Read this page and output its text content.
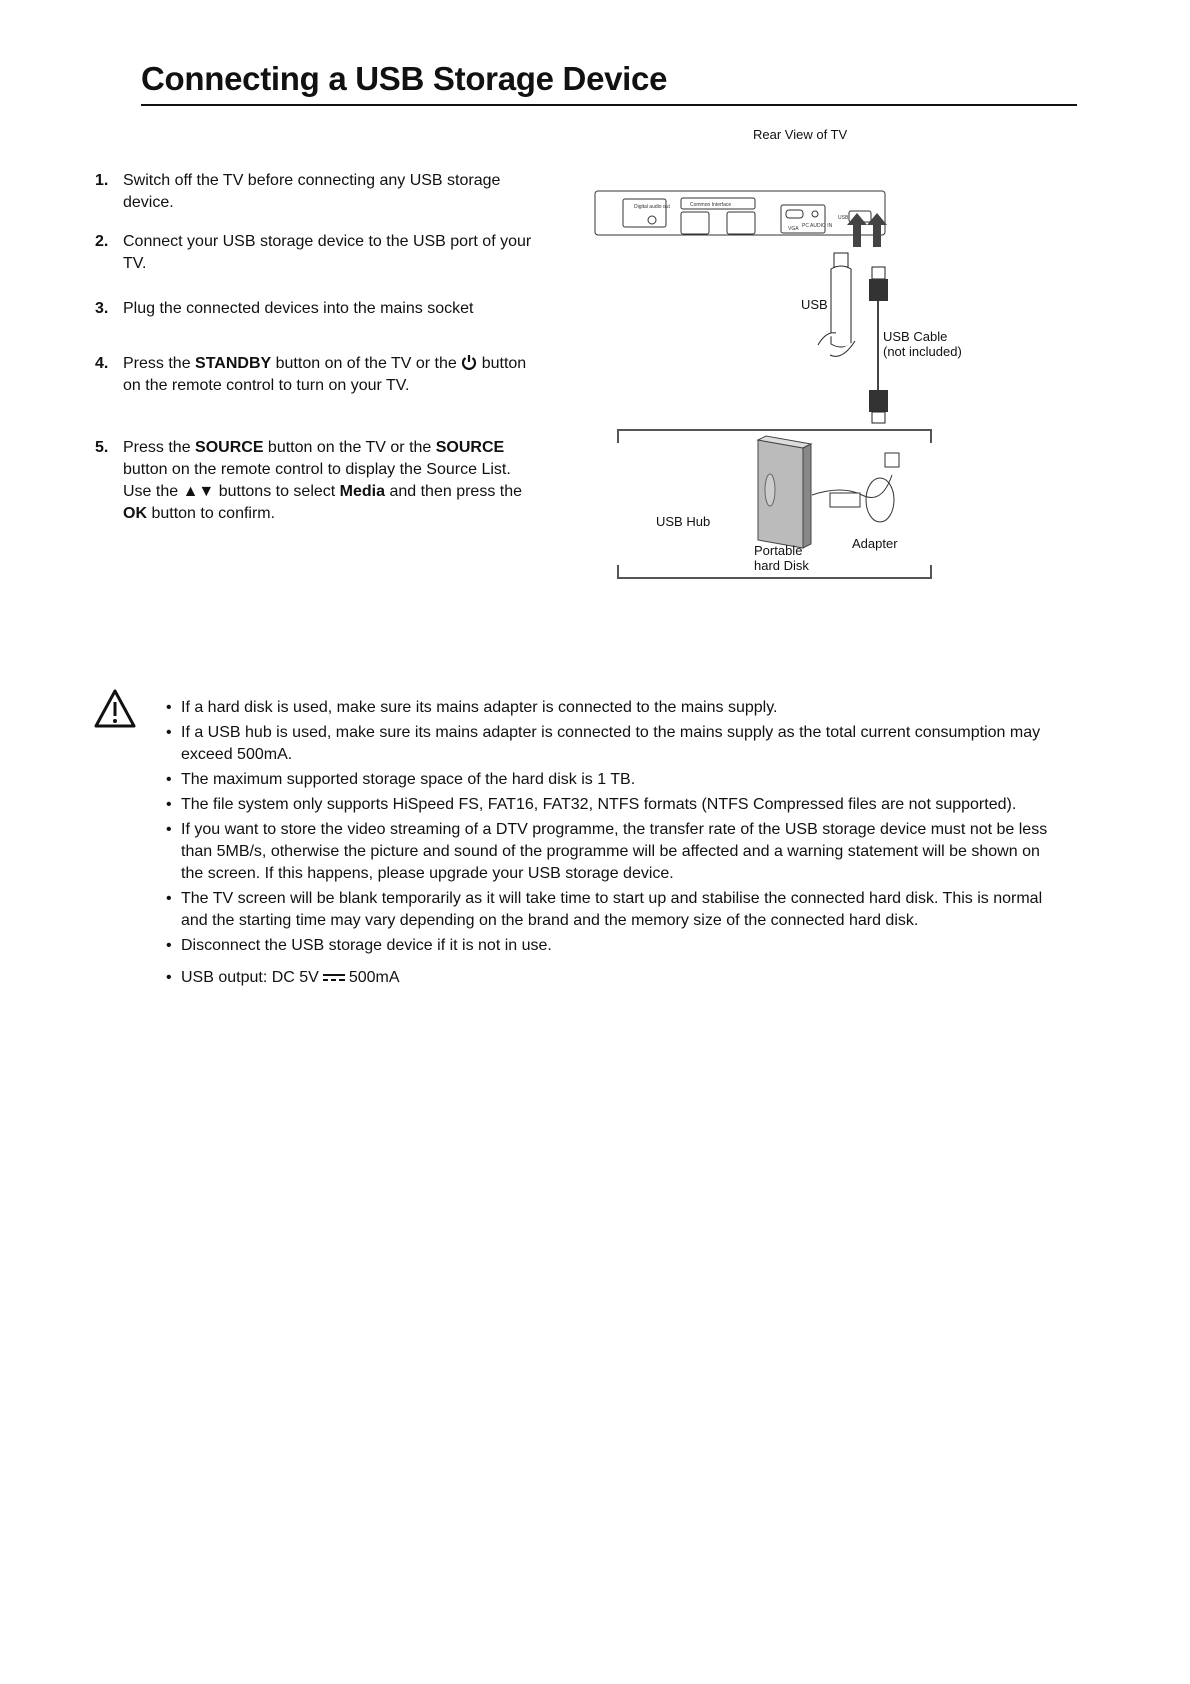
Connecting a USB Storage Device
1. Switch off the TV before connecting any USB storage device.
2. Connect your USB storage device to the USB port of your TV.
3. Plug the connected devices into the mains socket
4. Press the STANDBY button on of the TV or the  button on the remote control to turn on your TV.
5. Press the SOURCE button on the TV or the SOURCE button on the remote control to display the Source List. Use the ▲▼ buttons to select Media and then press the OK button to confirm.
Rear View of TV
Digital audio out	Common Interface
VGA PC AUDIO IN
USB
USB
USB Cable
(not included)
USB Hub
Portable hard Disk
Adapter
• If a hard disk is used, make sure its mains adapter is connected to the mains supply.
• If a USB hub is used, make sure its mains adapter is connected to the mains supply as the total current consumption may exceed 500mA.
• The maximum supported storage space of the hard disk is 1 TB.
• The file system only supports HiSpeed FS, FAT16, FAT32, NTFS formats (NTFS Compressed files are not supported).
• If you want to store the video streaming of a DTV programme, the transfer rate of the USB storage device must not be less than 5MB/s, otherwise the picture and sound of the programme will be affected and a warning statement will be shown on the screen. If this happens, please upgrade your USB storage device.
• The TV screen will be blank temporarily as it will take time to start up and stabilise the connected hard disk. This is normal and the starting time may vary depending on the brand and the memory size of the connected hard disk.
• Disconnect the USB storage device if it is not in use.
• USB output: DC 5V 500mA
